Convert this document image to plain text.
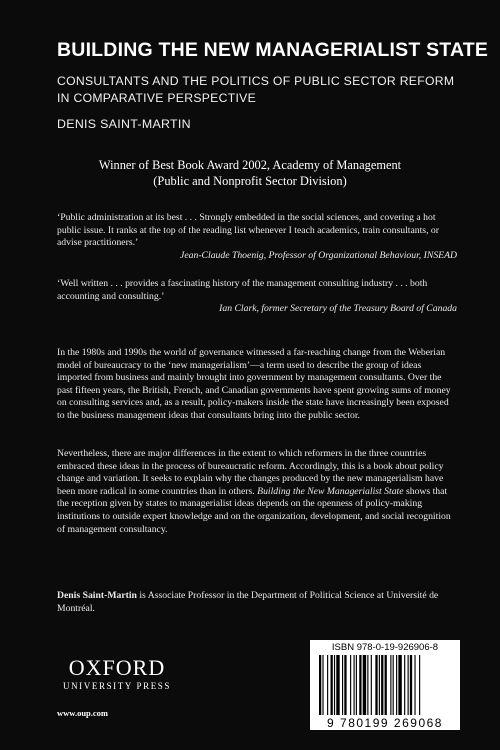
BUILDING THE NEW MANAGERIALIST STATE
CONSULTANTS AND THE POLITICS OF PUBLIC SECTOR REFORM
IN COMPARATIVE PERSPECTIVE
DENIS SAINT-MARTIN
Winner of Best Book Award 2002, Academy of Management
(Public and Nonprofit Sector Division)
‘Public administration at its best . . . Strongly embedded in the social sciences, and covering a hot public issue. It ranks at the top of the reading list whenever I teach academics, train consultants, or advise practitioners.’
Jean-Claude Thoenig, Professor of Organizational Behaviour, INSEAD
‘Well written . . . provides a fascinating history of the management consulting industry . . . both accounting and consulting.’
Ian Clark, former Secretary of the Treasury Board of Canada
In the 1980s and 1990s the world of governance witnessed a far-reaching change from the Weberian model of bureaucracy to the ‘new managerialism’—a term used to describe the group of ideas imported from business and mainly brought into government by management consultants. Over the past fifteen years, the British, French, and Canadian governments have spent growing sums of money on consulting services and, as a result, policy-makers inside the state have increasingly been exposed to the business management ideas that consultants bring into the public sector.
Nevertheless, there are major differences in the extent to which reformers in the three countries embraced these ideas in the process of bureaucratic reform. Accordingly, this is a book about policy change and variation. It seeks to explain why the changes produced by the new managerialism have been more radical in some countries than in others. Building the New Managerialist State shows that the reception given by states to managerialist ideas depends on the openness of policy-making institutions to outside expert knowledge and on the organization, development, and social recognition of management consultancy.
Denis Saint-Martin is Associate Professor in the Department of Political Science at Université de Montréal.
OXFORD
UNIVERSITY PRESS
www.oup.com
ISBN 978-0-19-926906-8
9 780199 269068
